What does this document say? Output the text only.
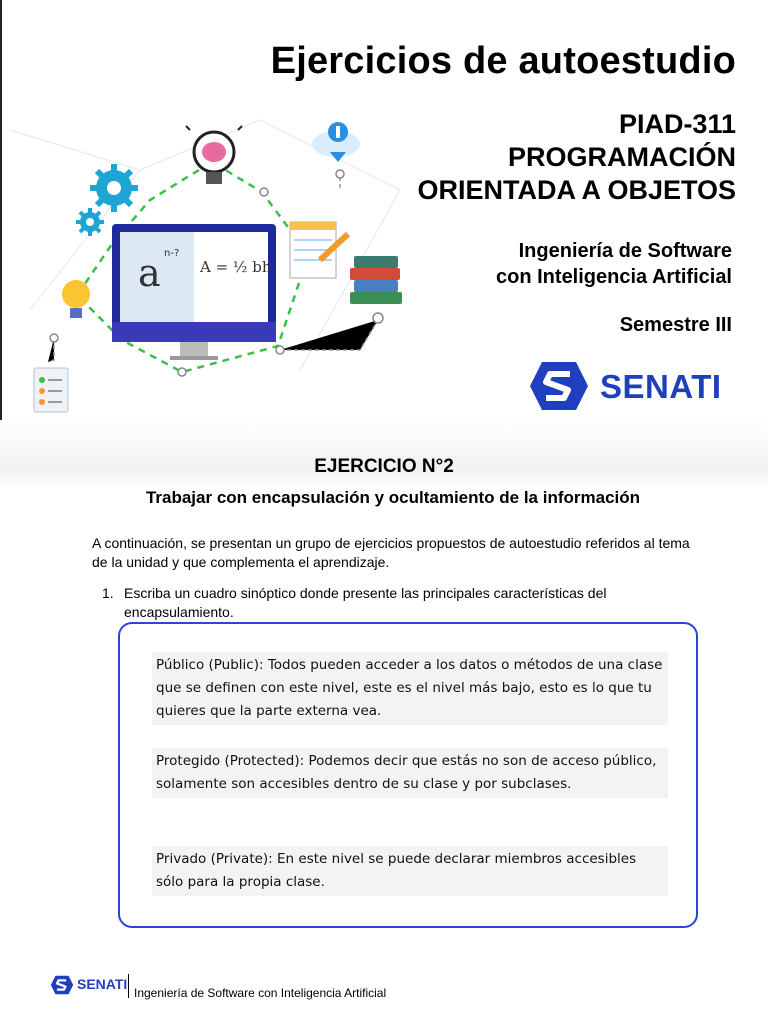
a n-?
A = ½ bh
Ejercicios de autoestudio
PIAD-311
PROGRAMACIÓN
ORIENTADA A OBJETOS
Ingeniería de Software
con Inteligencia Artificial
Semestre III
SENATI
EJERCICIO N°2
Trabajar con encapsulación y ocultamiento de la información
A continuación, se presentan un grupo de ejercicios propuestos de autoestudio referidos al tema de la unidad y que complementa el aprendizaje.
1. Escriba un cuadro sinóptico donde presente las principales características del encapsulamiento.
Público (Public): Todos pueden acceder a los datos o métodos de una clase que se definen con este nivel, este es el nivel más bajo, esto es lo que tu quieres que la parte externa vea.
Protegido (Protected): Podemos decir que estás no son de acceso público, solamente son accesibles dentro de su clase y por subclases.
Privado (Private): En este nivel se puede declarar miembros accesibles sólo para la propia clase.
SENATI
Ingeniería de Software con Inteligencia Artificial
